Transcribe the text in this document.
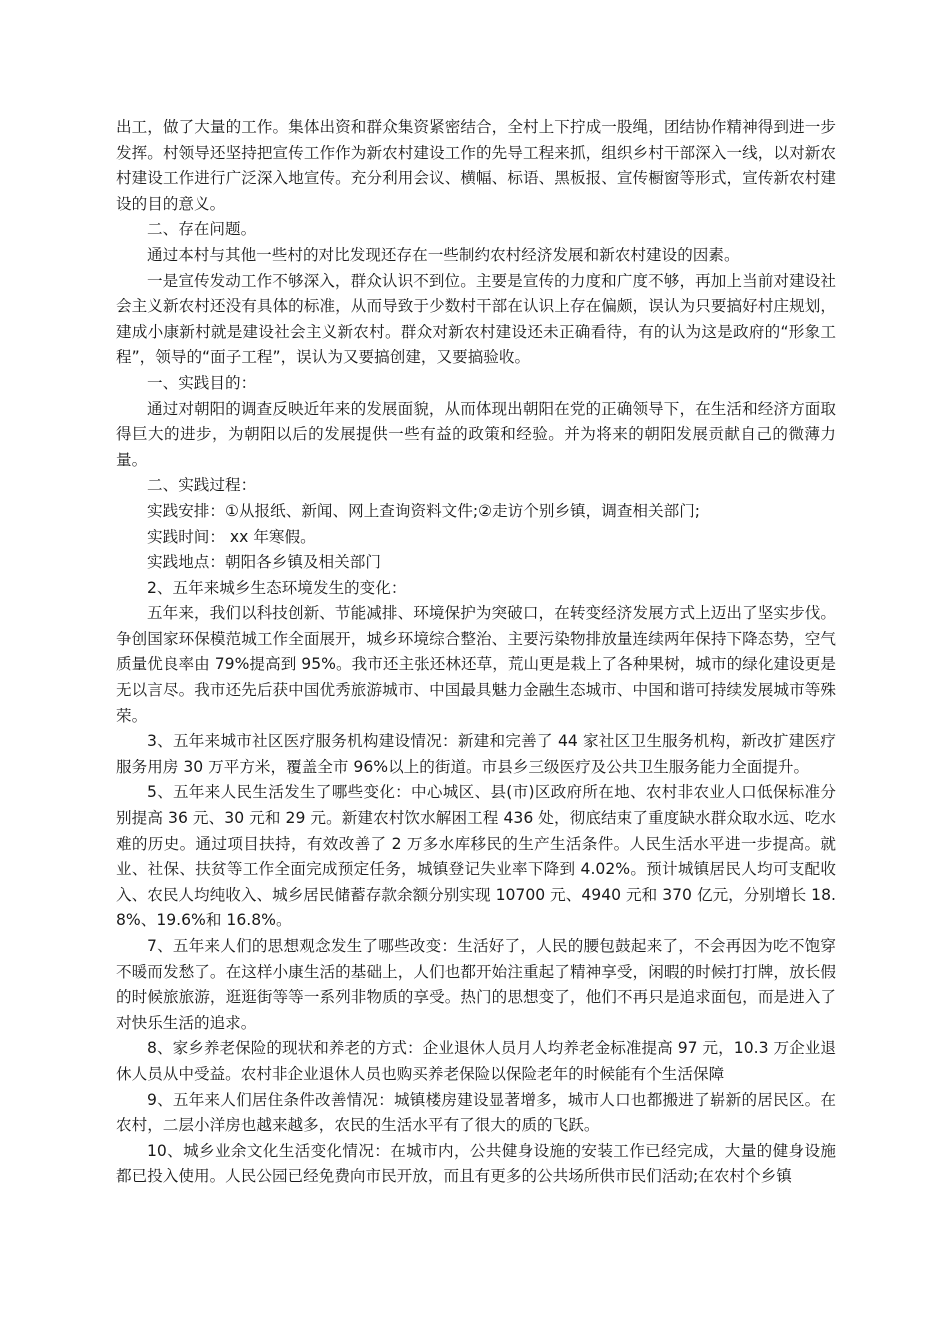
出工，做了大量的工作。集体出资和群众集资紧密结合，全村上下拧成一股绳，团结协作精神得到进一步发挥。村领导还坚持把宣传工作作为新农村建设工作的先导工程来抓，组织乡村干部深入一线，以对新农村建设工作进行广泛深入地宣传。充分利用会议、横幅、标语、黑板报、宣传橱窗等形式，宣传新农村建设的目的意义。

二、存在问题。

通过本村与其他一些村的对比发现还存在一些制约农村经济发展和新农村建设的因素。

一是宣传发动工作不够深入，群众认识不到位。主要是宣传的力度和广度不够，再加上当前对建设社会主义新农村还没有具体的标准，从而导致于少数村干部在认识上存在偏颇，误认为只要搞好村庄规划，建成小康新村就是建设社会主义新农村。群众对新农村建设还未正确看待，有的认为这是政府的“形象工程”，领导的“面子工程”，误认为又要搞创建，又要搞验收。

一、实践目的：

通过对朝阳的调查反映近年来的发展面貌，从而体现出朝阳在党的正确领导下，在生活和经济方面取得巨大的进步，为朝阳以后的发展提供一些有益的政策和经验。并为将来的朝阳发展贡献自己的微薄力量。

二、实践过程：

实践安排：①从报纸、新闻、网上查询资料文件;②走访个别乡镇，调查相关部门;

实践时间： xx 年寒假。

实践地点：朝阳各乡镇及相关部门

2、五年来城乡生态环境发生的变化：

五年来，我们以科技创新、节能减排、环境保护为突破口，在转变经济发展方式上迈出了坚实步伐。争创国家环保模范城工作全面展开，城乡环境综合整治、主要污染物排放量连续两年保持下降态势，空气质量优良率由 79%提高到 95%。我市还主张还林还草，荒山更是栽上了各种果树，城市的绿化建设更是无以言尽。我市还先后获中国优秀旅游城市、中国最具魅力金融生态城市、中国和谐可持续发展城市等殊荣。

3、五年来城市社区医疗服务机构建设情况：新建和完善了 44 家社区卫生服务机构，新改扩建医疗服务用房 30 万平方米，覆盖全市 96%以上的街道。市县乡三级医疗及公共卫生服务能力全面提升。

5、五年来人民生活发生了哪些变化：中心城区、县(市)区政府所在地、农村非农业人口低保标准分别提高 36 元、30 元和 29 元。新建农村饮水解困工程 436 处，彻底结束了重度缺水群众取水远、吃水难的历史。通过项目扶持，有效改善了 2 万多水库移民的生产生活条件。人民生活水平进一步提高。就业、社保、扶贫等工作全面完成预定任务，城镇登记失业率下降到 4.02%。预计城镇居民人均可支配收入、农民人均纯收入、城乡居民储蓄存款余额分别实现 10700 元、4940 元和 370 亿元，分别增长 18.8%、19.6%和 16.8%。

7、五年来人们的思想观念发生了哪些改变：生活好了，人民的腰包鼓起来了，不会再因为吃不饱穿不暖而发愁了。在这样小康生活的基础上，人们也都开始注重起了精神享受，闲暇的时候打打牌，放长假的时候旅旅游，逛逛街等等一系列非物质的享受。热门的思想变了，他们不再只是追求面包，而是进入了对快乐生活的追求。

8、家乡养老保险的现状和养老的方式：企业退休人员月人均养老金标准提高 97 元，10.3 万企业退休人员从中受益。农村非企业退休人员也购买养老保险以保险老年的时候能有个生活保障

9、五年来人们居住条件改善情况：城镇楼房建设显著增多，城市人口也都搬进了崭新的居民区。在农村，二层小洋房也越来越多，农民的生活水平有了很大的质的飞跃。

10、城乡业余文化生活变化情况：在城市内，公共健身设施的安装工作已经完成，大量的健身设施都已投入使用。人民公园已经免费向市民开放，而且有更多的公共场所供市民们活动;在农村个乡镇
